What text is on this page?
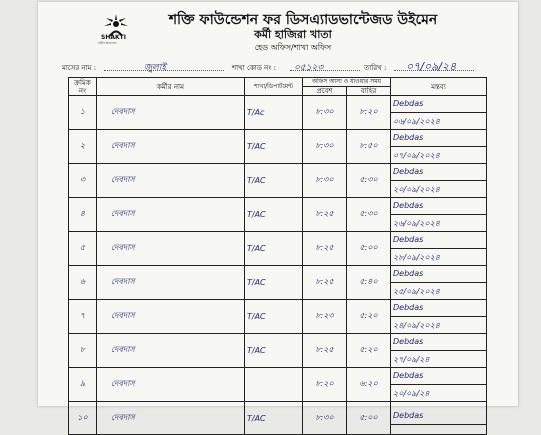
SHAKTI
নারীর ক্ষমতায়ন
শক্তি ফাউন্ডেশন ফর ডিসএ্যাডভান্টেজড উইমেন
কর্মী হাজিরা খাতা
হেড অফিস/শাখা অফিস
মাসের নাম :	জুলাই	শাখা কোড নং : ০৫১২৩	তারিখ : ০৭/০৯/২৪
ক্রমিক নং	কর্মীর নাম	শাখা/ডিপার্টমেন্ট	অফিস আসা ও যাওয়ার সময়		মন্তব্য
			প্রবেশ	বাহির	
১	দেবদাস	T/Ac	৮:৩০	৮:২০	Debdas
০৬/০৯/২০২৪

২	দেবদাস	T/AC	৮:৩০	৮:৫০	Debdas
০৭/০৯/২০২৪

৩	দেবদাস	T/AC	৮:৩০	৫:৩০	Debdas
২০/০৯/২০২৪

৪	দেবদাস	T/AC	৮:২৫	৫:৩০	Debdas
২৬/০৯/২০২৪

৫	দেবদাস	T/AC	৮:২৫	৫:০০	Debdas
২৮/০৯/২০২৪

৬	দেবদাস	T/AC	৮:২৫	৫:৪০	Debdas
২৫/০৯/২০২৪

৭	দেবদাস	T/AC	৮:২৩	৫:২০	Debdas
২৪/০৯/২০২৪

৮	দেবদাস	T/AC	৮:২৫	৫:২০	Debdas
২৭/০৯/২৪

৯	দেবদাস		৮:২০	৬:২০	Debdas
২০/০৯/২৪

১০	দেবদাস	T/AC	৮:৩০	৫:০০	Debdas
